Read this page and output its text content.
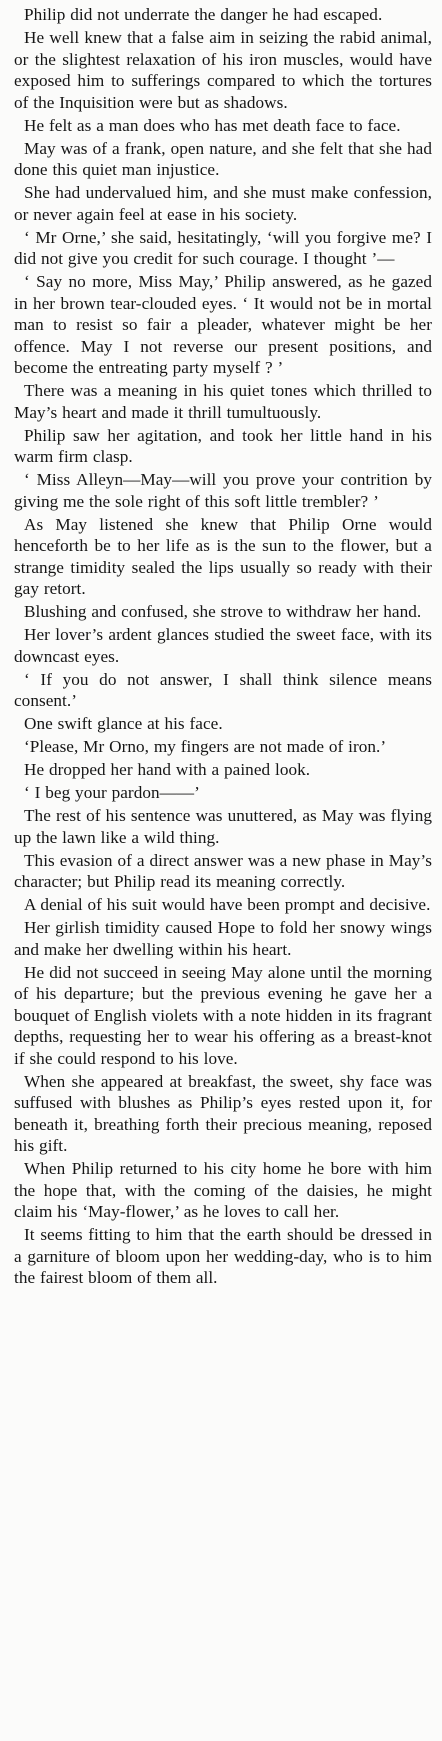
Philip did not underrate the danger he had escaped.

He well knew that a false aim in seizing the rabid animal, or the slightest relaxation of his iron muscles, would have exposed him to sufferings compared to which the tortures of the Inquisition were but as shadows.

He felt as a man does who has met death face to face.

May was of a frank, open nature, and she felt that she had done this quiet man injustice.

She had undervalued him, and she must make confession, or never again feel at ease in his society.

‘ Mr Orne,’ she said, hesitatingly, ‘will you forgive me? I did not give you credit for such courage. I thought ’—

‘ Say no more, Miss May,’ Philip answered, as he gazed in her brown tear-clouded eyes. ‘ It would not be in mortal man to resist so fair a pleader, whatever might be her offence. May I not reverse our present positions, and become the entreating party myself ? ’

There was a meaning in his quiet tones which thrilled to May’s heart and made it thrill tumultuously.

Philip saw her agitation, and took her little hand in his warm firm clasp.

‘ Miss Alleyn—May—will you prove your contrition by giving me the sole right of this soft little trembler? ’

As May listened she knew that Philip Orne would henceforth be to her life as is the sun to the flower, but a strange timidity sealed the lips usually so ready with their gay retort.

Blushing and confused, she strove to withdraw her hand.

Her lover’s ardent glances studied the sweet face, with its downcast eyes.

‘ If you do not answer, I shall think silence means consent.’

One swift glance at his face.

‘Please, Mr Orno, my fingers are not made of iron.’

He dropped her hand with a pained look.

‘ I beg your pardon——’

The rest of his sentence was unuttered, as May was flying up the lawn like a wild thing.

This evasion of a direct answer was a new phase in May’s character; but Philip read its meaning correctly.

A denial of his suit would have been prompt and decisive.

Her girlish timidity caused Hope to fold her snowy wings and make her dwelling within his heart.

He did not succeed in seeing May alone until the morning of his departure; but the previous evening he gave her a bouquet of English violets with a note hidden in its fragrant depths, requesting her to wear his offering as a breast-knot if she could respond to his love.

When she appeared at breakfast, the sweet, shy face was suffused with blushes as Philip’s eyes rested upon it, for beneath it, breathing forth their precious meaning, reposed his gift.

When Philip returned to his city home he bore with him the hope that, with the coming of the daisies, he might claim his ‘May-flower,’ as he loves to call her.

It seems fitting to him that the earth should be dressed in a garniture of bloom upon her wedding-day, who is to him the fairest bloom of them all.
